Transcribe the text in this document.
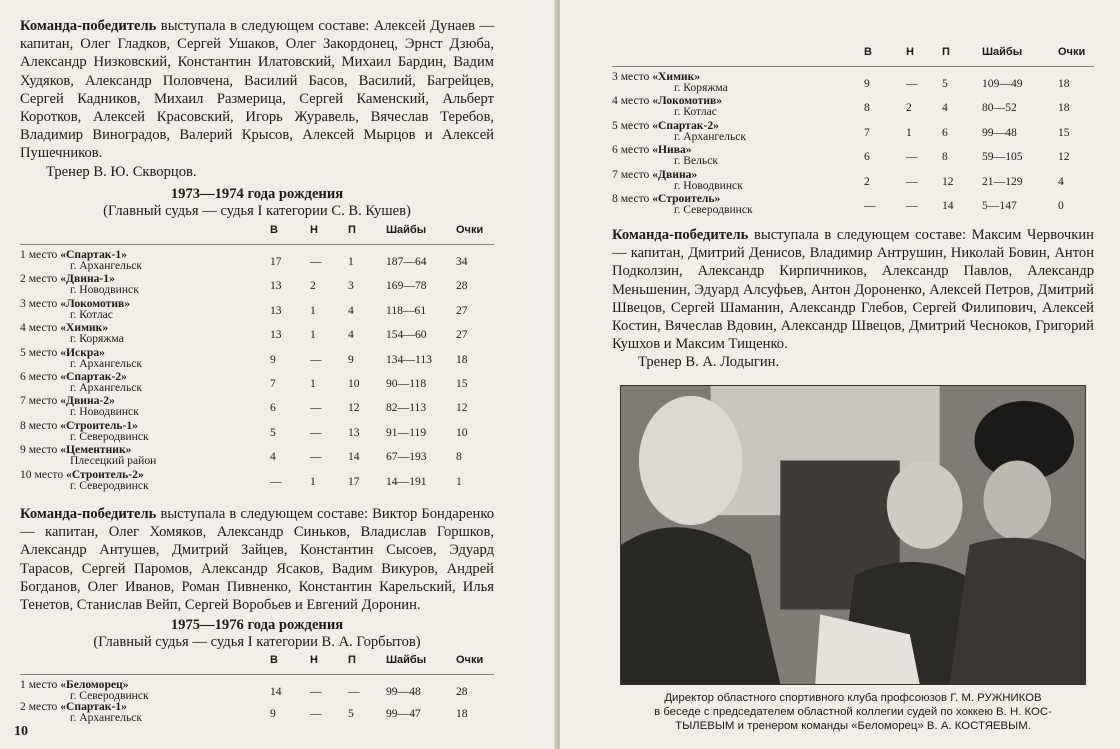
Команда-победитель выступала в следующем составе: Алексей Дунаев — капитан, Олег Гладков, Сергей Ушаков, Олег Закордонец, Эрнст Дзюба, Александр Низковский, Константин Илатовский, Михаил Бардин, Вадим Худяков, Александр Половчена, Василий Басов, Василий, Багрейцев, Сергей Кадников, Михаил Размерица, Сергей Каменский, Альберт Коротков, Алексей Красовский, Игорь Журавель, Вячеслав Теребов, Владимир Виноградов, Валерий Крысов, Алексей Мырцов и Алексей Пушечников.

Тренер В. Ю. Скворцов.
1973—1974 года рождения
(Главный судья — судья I категории С. В. Кушев)
В	Н	П	Шайбы	Очки
1 место «Спартак-1»
г. Архангельск	17 — 1	187—64	34
2 место «Двина-1»
г. Новодвинск	13 2	3	169—78	28
3 место «Локомотив»
г. Котлас	13 1	4	118—61	27
4 место «Химик»
г. Коряжма	13 1	4	154—60	27
5 место «Искра»
г. Архангельск	9	— 9	134—113 18
6 место «Спартак-2»
г. Архангельск	7	1	10 90—118	15
7 место «Двина-2»
г. Новодвинск	6	— 12 82—113	12
8 место «Строитель-1»
г. Северодвинск	5	— 13 91—119	10
9 место «Цементник»
Плесецкий район	4	— 14 67—193	8
10 место «Строитель-2»
г. Северодвинск	— 1	17 14—191	1

Команда-победитель выступала в следующем составе: Виктор Бондаренко — капитан, Олег Хомяков, Александр Синьков, Владислав Горшков, Александр Антушев, Дмитрий Зайцев, Константин Сысоев, Эдуард Тарасов, Сергей Паромов, Александр Ясаков, Вадим Викуров, Андрей Богданов, Олег Иванов, Роман Пивненко, Константин Карельский, Илья Тенетов, Станислав Вейп, Сергей Воробьев и Евгений Доронин.

1975—1976 года рождения
(Главный судья — судья I категории В. А. Горбытов)
В	Н	П	Шайбы	Очки
1 место «Беломорец»
г. Северодвинск	14 — — 99—48	28
2 место «Спартак-1»
г. Архангельск	9	— 5	99—47	18
10
В	Н	П	Шайбы	Очки
3 место «Химик»
г. Коряжма	9	— 5	109—49	18
4 место «Локомотив»
г. Котлас	8	2	4	80—52	18
5 место «Спартак-2»
г. Архангельск	7	1	6	99—48	15
6 место «Нива»
г. Вельск	6	— 8	59—105	12
7 место «Двина»
г. Новодвинск	2	— 12 21—129	4
8 место «Строитель»
г. Северодвинск	—	— 14 5—147	0

Команда-победитель выступала в следующем составе: Максим Червочкин — капитан, Дмитрий Денисов, Владимир Антрушин, Николай Бовин, Антон Подколзин, Александр Кирпичников, Александр Павлов, Александр Меньшенин, Эдуард Алсуфьев, Антон Дороненко, Алексей Петров, Дмитрий Швецов, Сергей Шаманин, Александр Глебов, Сергей Филипович, Алексей Костин, Вячеслав Вдовин, Александр Швецов, Дмитрий Чесноков, Григорий Кушхов и Максим Тищенко.

Тренер В. А. Лодыгин.
Директор областного спортивного клуба профсоюзов Г. М. РУЖНИКОВ
в беседе с председателем областной коллегии судей по хоккею В. Н. КОС-
ТЫЛЕВЫМ и тренером команды «Беломорец» В. А. КОСТЯЕВЫМ.
